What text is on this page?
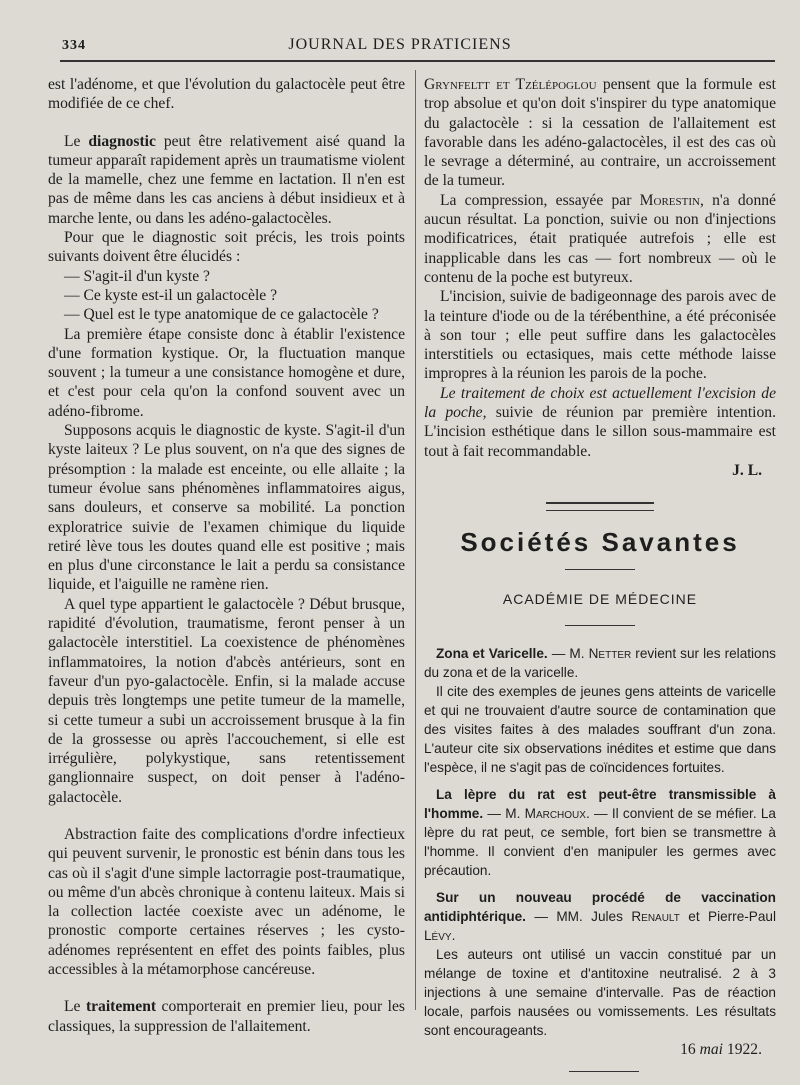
334	JOURNAL DES PRATICIENS

est l'adénome, et que l'évolution du galactocèle peut être modifiée de ce chef.

Le diagnostic peut être relativement aisé quand la tumeur apparaît rapidement après un traumatisme violent de la mamelle, chez une femme en lactation. Il n'en est pas de même dans les cas anciens à début insidieux et à marche lente, ou dans les adéno-galactocèles.

Pour que le diagnostic soit précis, les trois points suivants doivent être élucidés :

— S'agit-il d'un kyste ?

— Ce kyste est-il un galactocèle ?

— Quel est le type anatomique de ce galactocèle ?

La première étape consiste donc à établir l'existence d'une formation kystique. Or, la fluctuation manque souvent ; la tumeur a une consistance homogène et dure, et c'est pour cela qu'on la confond souvent avec un adéno-fibrome.

Supposons acquis le diagnostic de kyste. S'agit-il d'un kyste laiteux ? Le plus souvent, on n'a que des signes de présomption : la malade est enceinte, ou elle allaite ; la tumeur évolue sans phénomènes inflammatoires aigus, sans douleurs, et conserve sa mobilité. La ponction exploratrice suivie de l'examen chimique du liquide retiré lève tous les doutes quand elle est positive ; mais en plus d'une circonstance le lait a perdu sa consistance liquide, et l'aiguille ne ramène rien.

A quel type appartient le galactocèle ? Début brusque, rapidité d'évolution, traumatisme, feront penser à un galactocèle interstitiel. La coexistence de phénomènes inflammatoires, la notion d'abcès antérieurs, sont en faveur d'un pyo-galactocèle. Enfin, si la malade accuse depuis très longtemps une petite tumeur de la mamelle, si cette tumeur a subi un accroissement brusque à la fin de la grossesse ou après l'accouchement, si elle est irrégulière, polykystique, sans retentissement ganglionnaire suspect, on doit penser à l'adéno-galactocèle.

Abstraction faite des complications d'ordre infectieux qui peuvent survenir, le pronostic est bénin dans tous les cas où il s'agit d'une simple lactorragie post-traumatique, ou même d'un abcès chronique à contenu laiteux. Mais si la collection lactée coexiste avec un adénome, le pronostic comporte certaines réserves ; les cysto-adénomes représentent en effet des points faibles, plus accessibles à la métamorphose cancéreuse.

Le traitement comporterait en premier lieu, pour les classiques, la suppression de l'allaitement.

Grynfeltt et Tzélépoglou pensent que la formule est trop absolue et qu'on doit s'inspirer du type anatomique du galactocèle : si la cessation de l'allaitement est favorable dans les adéno-galactocèles, il est des cas où le sevrage a déterminé, au contraire, un accroissement de la tumeur.

La compression, essayée par Morestin, n'a donné aucun résultat. La ponction, suivie ou non d'injections modificatrices, était pratiquée autrefois ; elle est inapplicable dans les cas — fort nombreux — où le contenu de la poche est butyreux.

L'incision, suivie de badigeonnage des parois avec de la teinture d'iode ou de la térébenthine, a été préconisée à son tour ; elle peut suffire dans les galactocèles interstitiels ou ectasiques, mais cette méthode laisse impropres à la réunion les parois de la poche.

Le traitement de choix est actuellement l'excision de la poche, suivie de réunion par première intention. L'incision esthétique dans le sillon sous-mammaire est tout à fait recommandable.

J. L.
Sociétés Savantes
ACADÉMIE DE MÉDECINE

Zona et Varicelle. — M. Netter revient sur les relations du zona et de la varicelle.

Il cite des exemples de jeunes gens atteints de varicelle et qui ne trouvaient d'autre source de contamination que des visites faites à des malades souffrant d'un zona. L'auteur cite six observations inédites et estime que dans l'espèce, il ne s'agit pas de coïncidences fortuites.

La lèpre du rat est peut-être transmissible à l'homme. — M. Marchoux. — Il convient de se méfier. La lèpre du rat peut, ce semble, fort bien se transmettre à l'homme. Il convient d'en manipuler les germes avec précaution.

Sur un nouveau procédé de vaccination antidiphtérique. — MM. Jules Renault et Pierre-Paul Lévy.

Les auteurs ont utilisé un vaccin constitué par un mélange de toxine et d'antitoxine neutralisé. 2 à 3 injections à une semaine d'intervalle. Pas de réaction locale, parfois nausées ou vomissements. Les résultats sont encourageants.

16 mai 1922.
